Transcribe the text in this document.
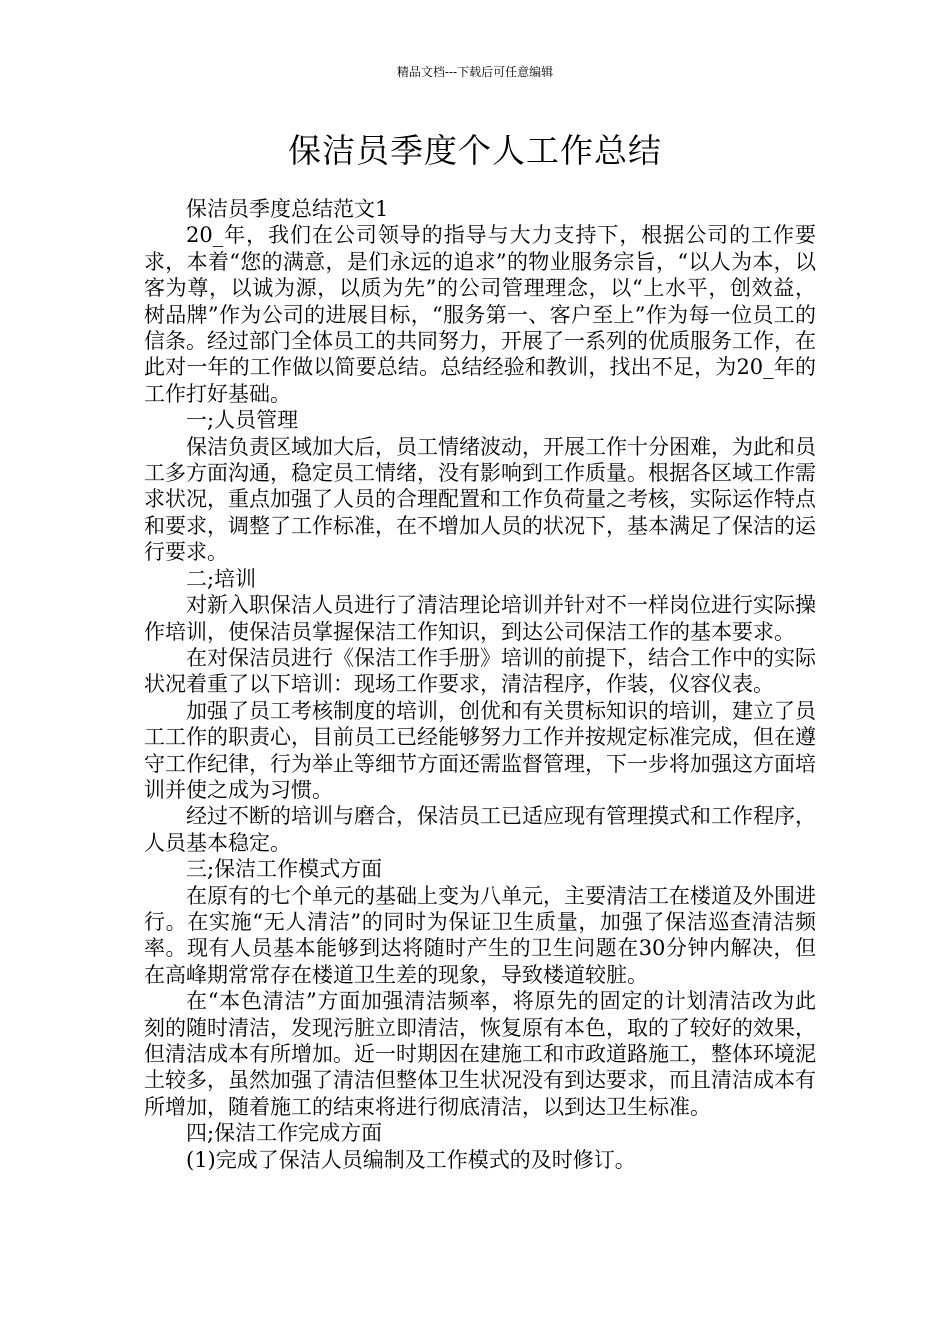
精品文档---下载后可任意编辑
保洁员季度个人工作总结

保洁员季度总结范文1

20_年，我们在公司领导的指导与大力支持下，根据公司的工作要求，本着“您的满意，是们永远的追求”的物业服务宗旨，“以人为本，以客为尊，以诚为源，以质为先”的公司管理理念，以“上水平，创效益，树品牌”作为公司的进展目标，“服务第一、客户至上”作为每一位员工的信条。经过部门全体员工的共同努力，开展了一系列的优质服务工作，在此对一年的工作做以简要总结。总结经验和教训，找出不足，为20_年的工作打好基础。

一;人员管理

保洁负责区域加大后，员工情绪波动，开展工作十分困难，为此和员工多方面沟通，稳定员工情绪，没有影响到工作质量。根据各区域工作需求状况，重点加强了人员的合理配置和工作负荷量之考核，实际运作特点和要求，调整了工作标准，在不增加人员的状况下，基本满足了保洁的运行要求。

二;培训

对新入职保洁人员进行了清洁理论培训并针对不一样岗位进行实际操作培训，使保洁员掌握保洁工作知识，到达公司保洁工作的基本要求。

在对保洁员进行《保洁工作手册》培训的前提下，结合工作中的实际状况着重了以下培训：现场工作要求，清洁程序，作装，仪容仪表。

加强了员工考核制度的培训，创优和有关贯标知识的培训，建立了员工工作的职责心，目前员工已经能够努力工作并按规定标准完成，但在遵守工作纪律，行为举止等细节方面还需监督管理，下一步将加强这方面培训并使之成为习惯。

经过不断的培训与磨合，保洁员工已适应现有管理摸式和工作程序，人员基本稳定。

三;保洁工作模式方面

在原有的七个单元的基础上变为八单元，主要清洁工在楼道及外围进行。在实施“无人清洁”的同时为保证卫生质量，加强了保洁巡查清洁频率。现有人员基本能够到达将随时产生的卫生问题在30分钟内解决，但在高峰期常常存在楼道卫生差的现象，导致楼道较脏。

在“本色清洁”方面加强清洁频率，将原先的固定的计划清洁改为此刻的随时清洁，发现污脏立即清洁，恢复原有本色，取的了较好的效果，但清洁成本有所增加。近一时期因在建施工和市政道路施工，整体环境泥土较多，虽然加强了清洁但整体卫生状况没有到达要求，而且清洁成本有所增加，随着施工的结束将进行彻底清洁，以到达卫生标准。

四;保洁工作完成方面

(1)完成了保洁人员编制及工作模式的及时修订。
